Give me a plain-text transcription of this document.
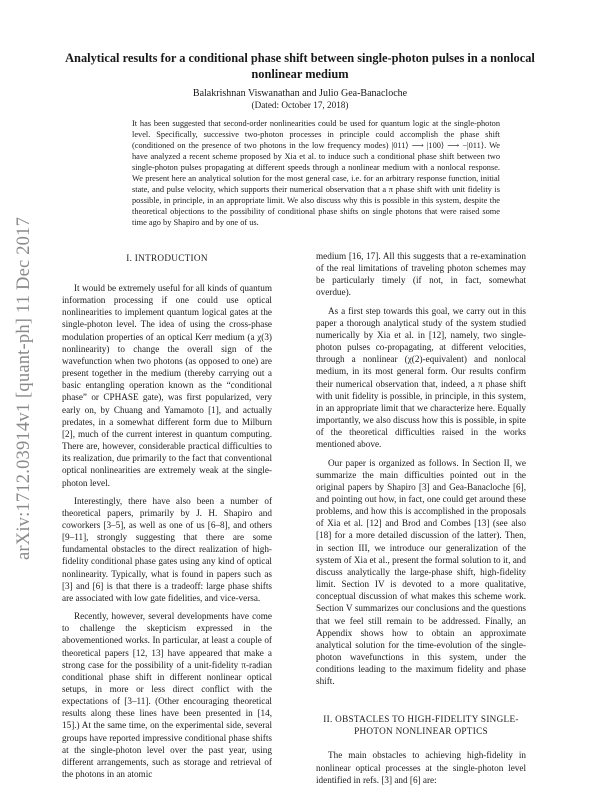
arXiv:1712.03914v1 [quant-ph] 11 Dec 2017
Analytical results for a conditional phase shift between single-photon pulses in a nonlocal nonlinear medium
Balakrishnan Viswanathan and Julio Gea-Banacloche
(Dated: October 17, 2018)
It has been suggested that second-order nonlinearities could be used for quantum logic at the single-photon level. Specifically, successive two-photon processes in principle could accomplish the phase shift (conditioned on the presence of two photons in the low frequency modes) |011⟩ ⟶ |100⟩ ⟶ −|011⟩. We have analyzed a recent scheme proposed by Xia et al. to induce such a conditional phase shift between two single-photon pulses propagating at different speeds through a nonlinear medium with a nonlocal response. We present here an analytical solution for the most general case, i.e. for an arbitrary response function, initial state, and pulse velocity, which supports their numerical observation that a π phase shift with unit fidelity is possible, in principle, in an appropriate limit. We also discuss why this is possible in this system, despite the theoretical objections to the possibility of conditional phase shifts on single photons that were raised some time ago by Shapiro and by one of us.
I. INTRODUCTION

It would be extremely useful for all kinds of quantum information processing if one could use optical nonlinearities to implement quantum logical gates at the single-photon level. The idea of using the cross-phase modulation properties of an optical Kerr medium (a χ(3) nonlinearity) to change the overall sign of the wavefunction when two photons (as opposed to one) are present together in the medium (thereby carrying out a basic entangling operation known as the “conditional phase” or CPHASE gate), was first popularized, very early on, by Chuang and Yamamoto [1], and actually predates, in a somewhat different form due to Milburn [2], much of the current interest in quantum computing. There are, however, considerable practical difficulties to its realization, due primarily to the fact that conventional optical nonlinearities are extremely weak at the single-photon level.

Interestingly, there have also been a number of theoretical papers, primarily by J. H. Shapiro and coworkers [3–5], as well as one of us [6–8], and others [9–11], strongly suggesting that there are some fundamental obstacles to the direct realization of high-fidelity conditional phase gates using any kind of optical nonlinearity. Typically, what is found in papers such as [3] and [6] is that there is a tradeoff: large phase shifts are associated with low gate fidelities, and vice-versa.

Recently, however, several developments have come to challenge the skepticism expressed in the abovementioned works. In particular, at least a couple of theoretical papers [12, 13] have appeared that make a strong case for the possibility of a unit-fidelity π-radian conditional phase shift in different nonlinear optical setups, in more or less direct conflict with the expectations of [3–11]. (Other encouraging theoretical results along these lines have been presented in [14, 15].) At the same time, on the experimental side, several groups have reported impressive conditional phase shifts at the single-photon level over the past year, using different arrangements, such as storage and retrieval of the photons in an atomic

medium [16, 17]. All this suggests that a re-examination of the real limitations of traveling photon schemes may be particularly timely (if not, in fact, somewhat overdue).

As a first step towards this goal, we carry out in this paper a thorough analytical study of the system studied numerically by Xia et al. in [12], namely, two single-photon pulses co-propagating, at different velocities, through a nonlinear (χ(2)-equivalent) and nonlocal medium, in its most general form. Our results confirm their numerical observation that, indeed, a π phase shift with unit fidelity is possible, in principle, in this system, in an appropriate limit that we characterize here. Equally importantly, we also discuss how this is possible, in spite of the theoretical difficulties raised in the works mentioned above.

Our paper is organized as follows. In Section II, we summarize the main difficulties pointed out in the original papers by Shapiro [3] and Gea-Banacloche [6], and pointing out how, in fact, one could get around these problems, and how this is accomplished in the proposals of Xia et al. [12] and Brod and Combes [13] (see also [18] for a more detailed discussion of the latter). Then, in section III, we introduce our generalization of the system of Xia et al., present the formal solution to it, and discuss analytically the large-phase shift, high-fidelity limit. Section IV is devoted to a more qualitative, conceptual discussion of what makes this scheme work. Section V summarizes our conclusions and the questions that we feel still remain to be addressed. Finally, an Appendix shows how to obtain an approximate analytical solution for the time-evolution of the single-photon wavefunctions in this system, under the conditions leading to the maximum fidelity and phase shift.

II. OBSTACLES TO HIGH-FIDELITY SINGLE-PHOTON NONLINEAR OPTICS

The main obstacles to achieving high-fidelity in nonlinear optical processes at the single-photon level identified in refs. [3] and [6] are:
